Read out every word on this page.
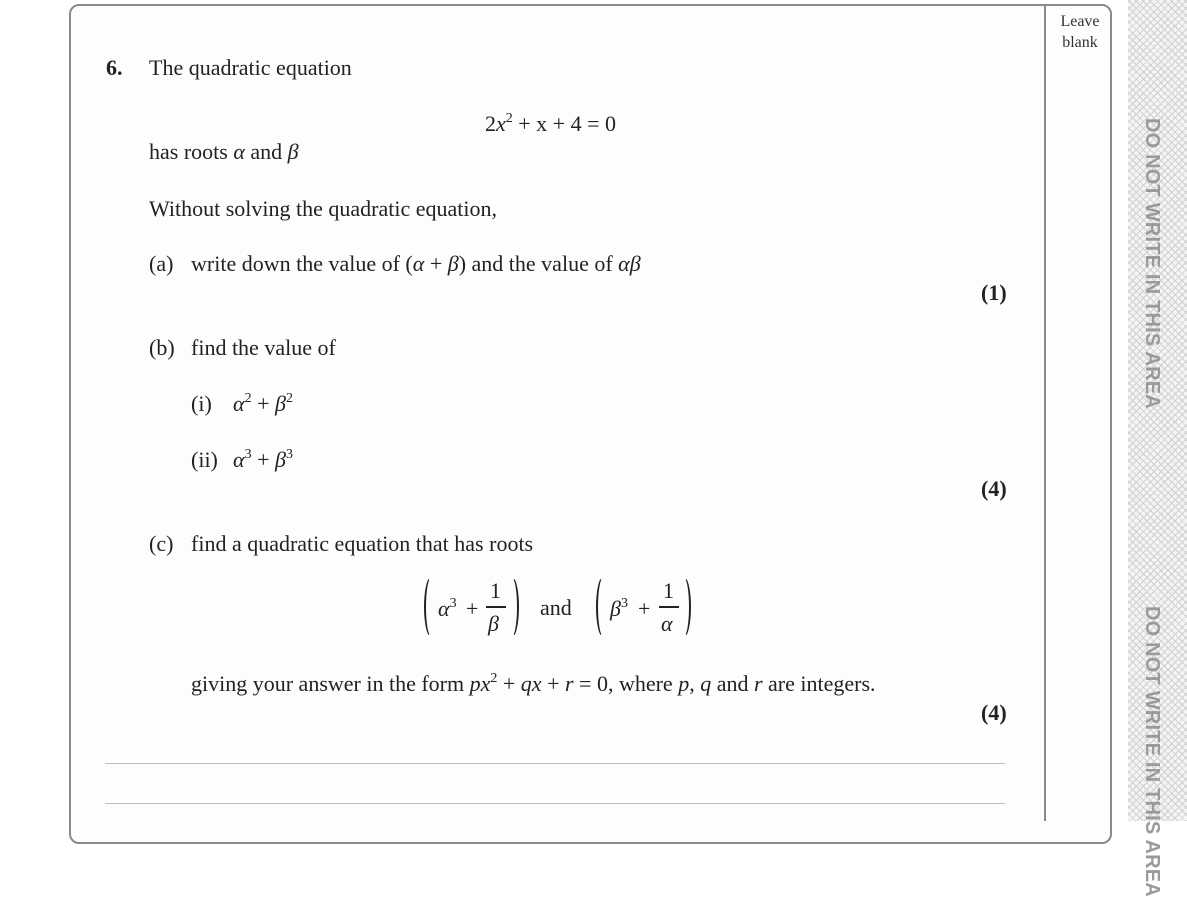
Leave
blank
DO NOT WRITE IN THIS AREA
DO NOT WRITE IN THIS AREA
6. The quadratic equation
$2x^2 + x + 4 = 0$
has roots α and β
Without solving the quadratic equation,
(a) write down the value of (α + β) and the value of αβ
(1)
(b) find the value of
(i) $\alpha^2 + \beta^2$
(ii) $\alpha^3 + \beta^3$
(4)
(c) find a quadratic equation that has roots
$\alpha^3$ +
1
β
and $\beta^3$ +
1
α
giving your answer in the form $px^2$ + qx + r = 0, where p, q and r are integers.
(4)
